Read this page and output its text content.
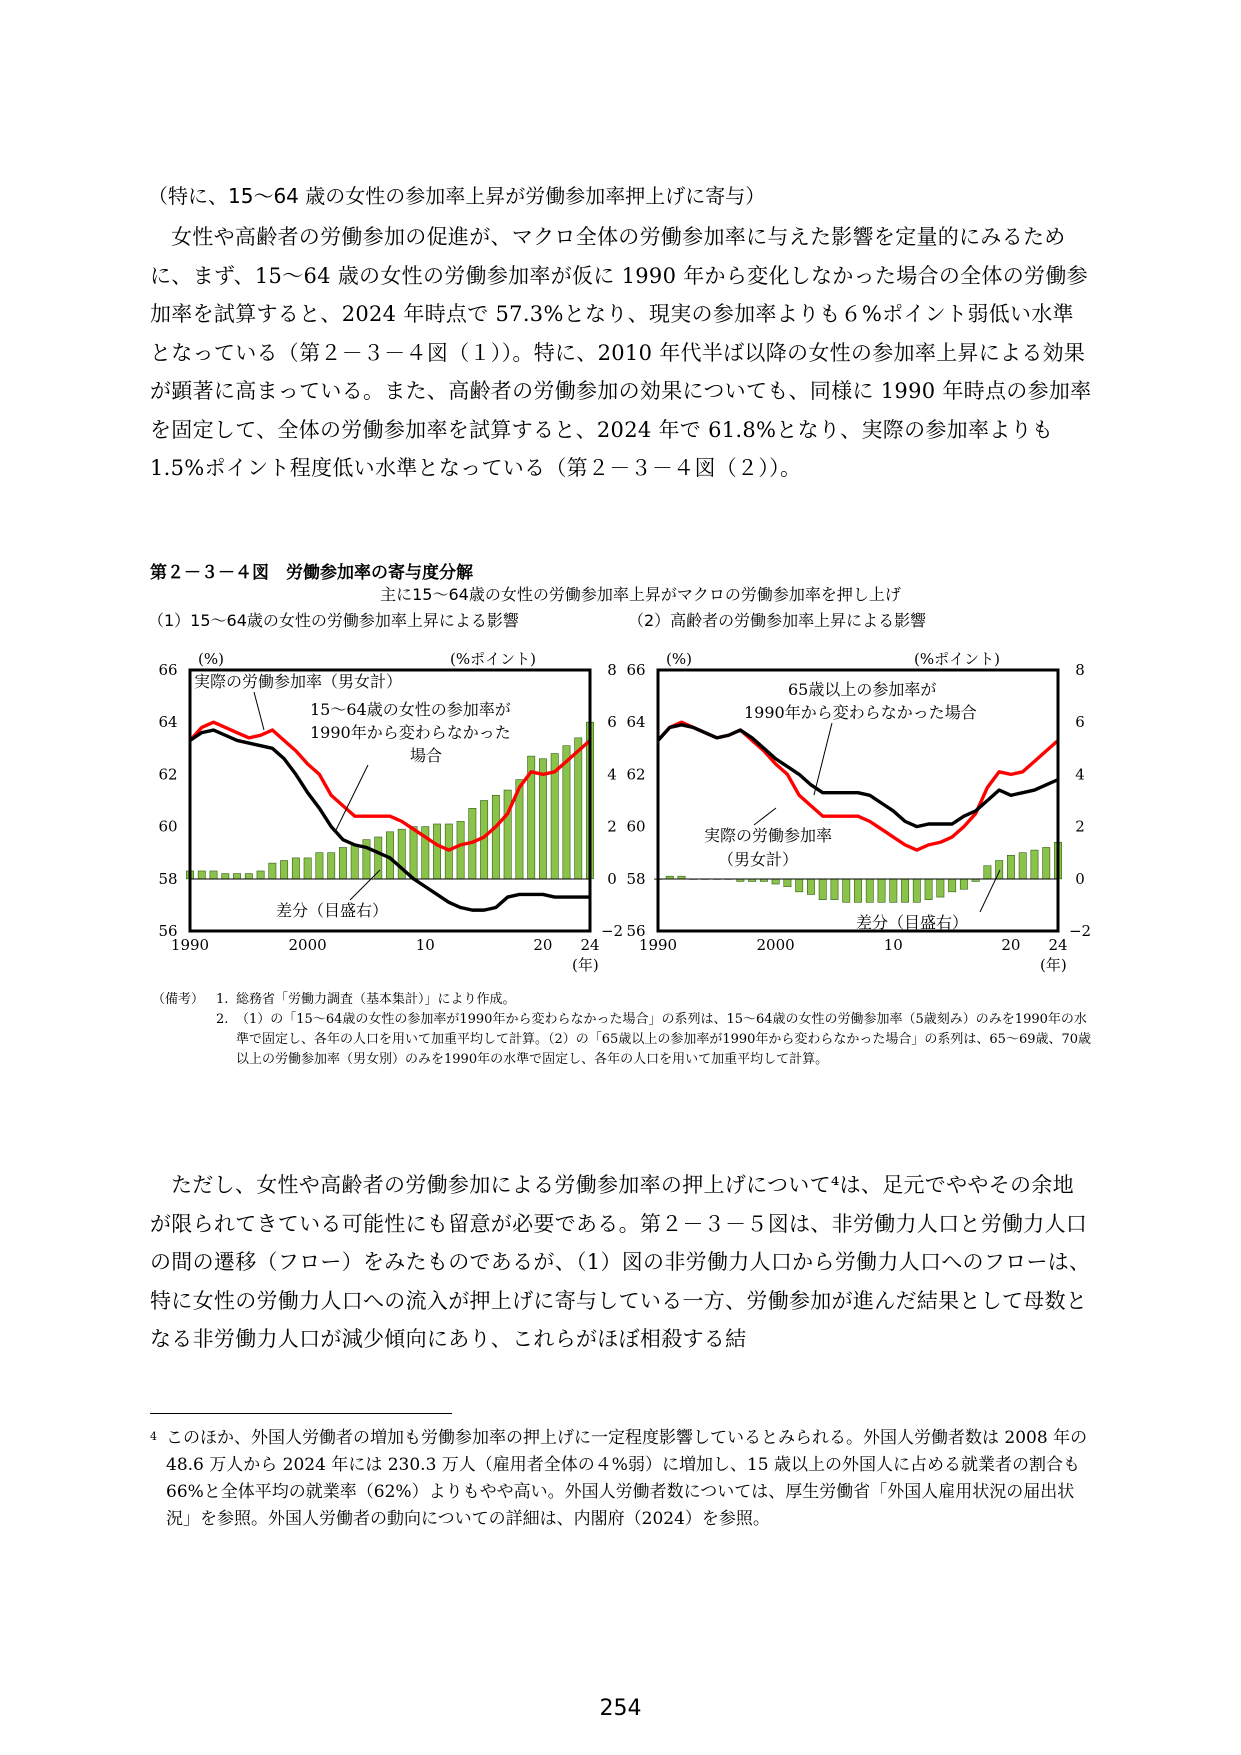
（特に、15〜64 歳の女性の参加率上昇が労働参加率押上げに寄与）

女性や高齢者の労働参加の促進が、マクロ全体の労働参加率に与えた影響を定量的にみるために、まず、15〜64 歳の女性の労働参加率が仮に 1990 年から変化しなかった場合の全体の労働参加率を試算すると、2024 年時点で 57.3%となり、現実の参加率よりも６%ポイント弱低い水準となっている（第２－３－４図（１））。特に、2010 年代半ば以降の女性の参加率上昇による効果が顕著に高まっている。また、高齢者の労働参加の効果についても、同様に 1990 年時点の参加率を固定して、全体の労働参加率を試算すると、2024 年で 61.8%となり、実際の参加率よりも 1.5%ポイント程度低い水準となっている（第２－３－４図（２））。

第２－３－４図　労働参加率の寄与度分解
主に15〜64歳の女性の労働参加率上昇がマクロの労働参加率を押し上げ
（1）15〜64歳の女性の労働参加率上昇による影響	（2）高齢者の労働参加率上昇による影響
1990	2000	10	20 24
66
64
62
60
58
56
8
6
4
2
0
−2
(%)	(%ポイント)
(年)
実際の労働参加率（男女計）
15〜64歳の女性の参加率が
1990年から変わらなかった
場合
差分（目盛右）
1990	2000	10	20 24
66
64
62
60
58
56
8
6
4
2
0
−2
(%)	(%ポイント)
(年)
65歳以上の参加率が
1990年から変わらなかった場合
実際の労働参加率
（男女計）
差分（目盛右）
（備考） 1. 総務省「労働力調査（基本集計）」により作成。
2. （1）の「15〜64歳の女性の参加率が1990年から変わらなかった場合」の系列は、15〜64歳の女性の労働参加率（5歳刻み）のみを1990年の水準で固定し、各年の人口を用いて加重平均して計算。（2）の「65歳以上の参加率が1990年から変わらなかった場合」の系列は、65〜69歳、70歳以上の労働参加率（男女別）のみを1990年の水準で固定し、各年の人口を用いて加重平均して計算。

ただし、女性や高齢者の労働参加による労働参加率の押上げについて⁴は、足元でややその余地が限られてきている可能性にも留意が必要である。第２－３－５図は、非労働力人口と労働力人口の間の遷移（フロー）をみたものであるが、（1）図の非労働力人口から労働力人口へのフローは、特に女性の労働力人口への流入が押上げに寄与している一方、労働参加が進んだ結果として母数となる非労働力人口が減少傾向にあり、これらがほぼ相殺する結

4 このほか、外国人労働者の増加も労働参加率の押上げに一定程度影響しているとみられる。外国人労働者数は 2008 年の 48.6 万人から 2024 年には 230.3 万人（雇用者全体の４%弱）に増加し、15 歳以上の外国人に占める就業者の割合も 66%と全体平均の就業率（62%）よりもやや高い。外国人労働者数については、厚生労働省「外国人雇用状況の届出状況」を参照。外国人労働者の動向についての詳細は、内閣府（2024）を参照。
254
